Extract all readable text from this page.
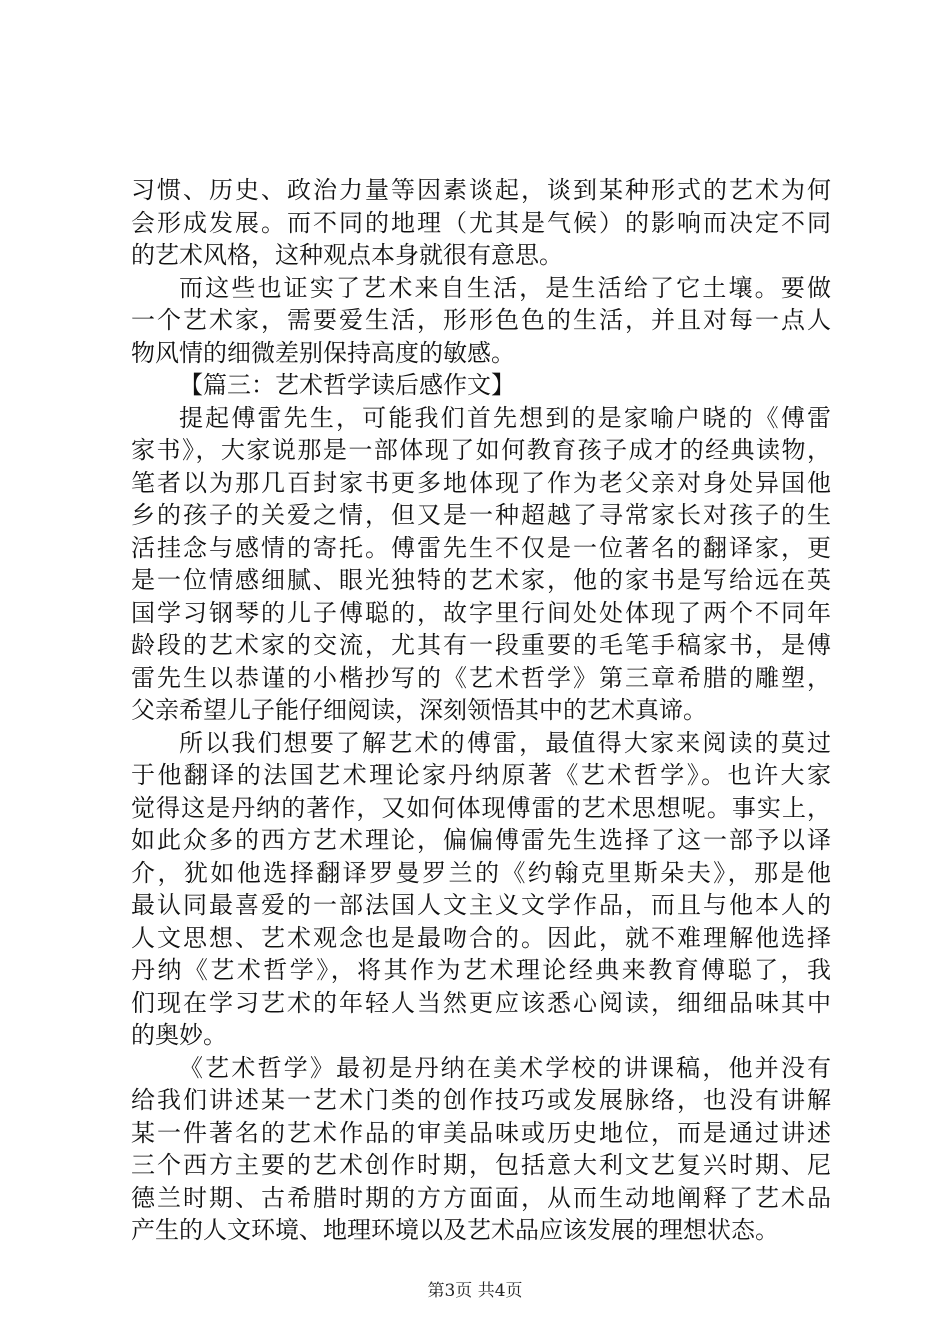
习惯、历史、政治力量等因素谈起，谈到某种形式的艺术为何
会形成发展。而不同的地理（尤其是气候）的影响而决定不同
的艺术风格，这种观点本身就很有意思。
而这些也证实了艺术来自生活，是生活给了它土壤。要做
一个艺术家，需要爱生活，形形色色的生活，并且对每一点人
物风情的细微差别保持高度的敏感。
【篇三：艺术哲学读后感作文】
提起傅雷先生，可能我们首先想到的是家喻户晓的《傅雷
家书》，大家说那是一部体现了如何教育孩子成才的经典读物，
笔者以为那几百封家书更多地体现了作为老父亲对身处异国他
乡的孩子的关爱之情，但又是一种超越了寻常家长对孩子的生
活挂念与感情的寄托。傅雷先生不仅是一位著名的翻译家，更
是一位情感细腻、眼光独特的艺术家，他的家书是写给远在英
国学习钢琴的儿子傅聪的，故字里行间处处体现了两个不同年
龄段的艺术家的交流，尤其有一段重要的毛笔手稿家书，是傅
雷先生以恭谨的小楷抄写的《艺术哲学》第三章希腊的雕塑，
父亲希望儿子能仔细阅读，深刻领悟其中的艺术真谛。
所以我们想要了解艺术的傅雷，最值得大家来阅读的莫过
于他翻译的法国艺术理论家丹纳原著《艺术哲学》。也许大家
觉得这是丹纳的著作，又如何体现傅雷的艺术思想呢。事实上，
如此众多的西方艺术理论，偏偏傅雷先生选择了这一部予以译
介，犹如他选择翻译罗曼罗兰的《约翰克里斯朵夫》，那是他
最认同最喜爱的一部法国人文主义文学作品，而且与他本人的
人文思想、艺术观念也是最吻合的。因此，就不难理解他选择
丹纳《艺术哲学》，将其作为艺术理论经典来教育傅聪了，我
们现在学习艺术的年轻人当然更应该悉心阅读，细细品味其中
的奥妙。
《艺术哲学》最初是丹纳在美术学校的讲课稿，他并没有
给我们讲述某一艺术门类的创作技巧或发展脉络，也没有讲解
某一件著名的艺术作品的审美品味或历史地位，而是通过讲述
三个西方主要的艺术创作时期，包括意大利文艺复兴时期、尼
德兰时期、古希腊时期的方方面面，从而生动地阐释了艺术品
产生的人文环境、地理环境以及艺术品应该发展的理想状态。
第3页 共4页
